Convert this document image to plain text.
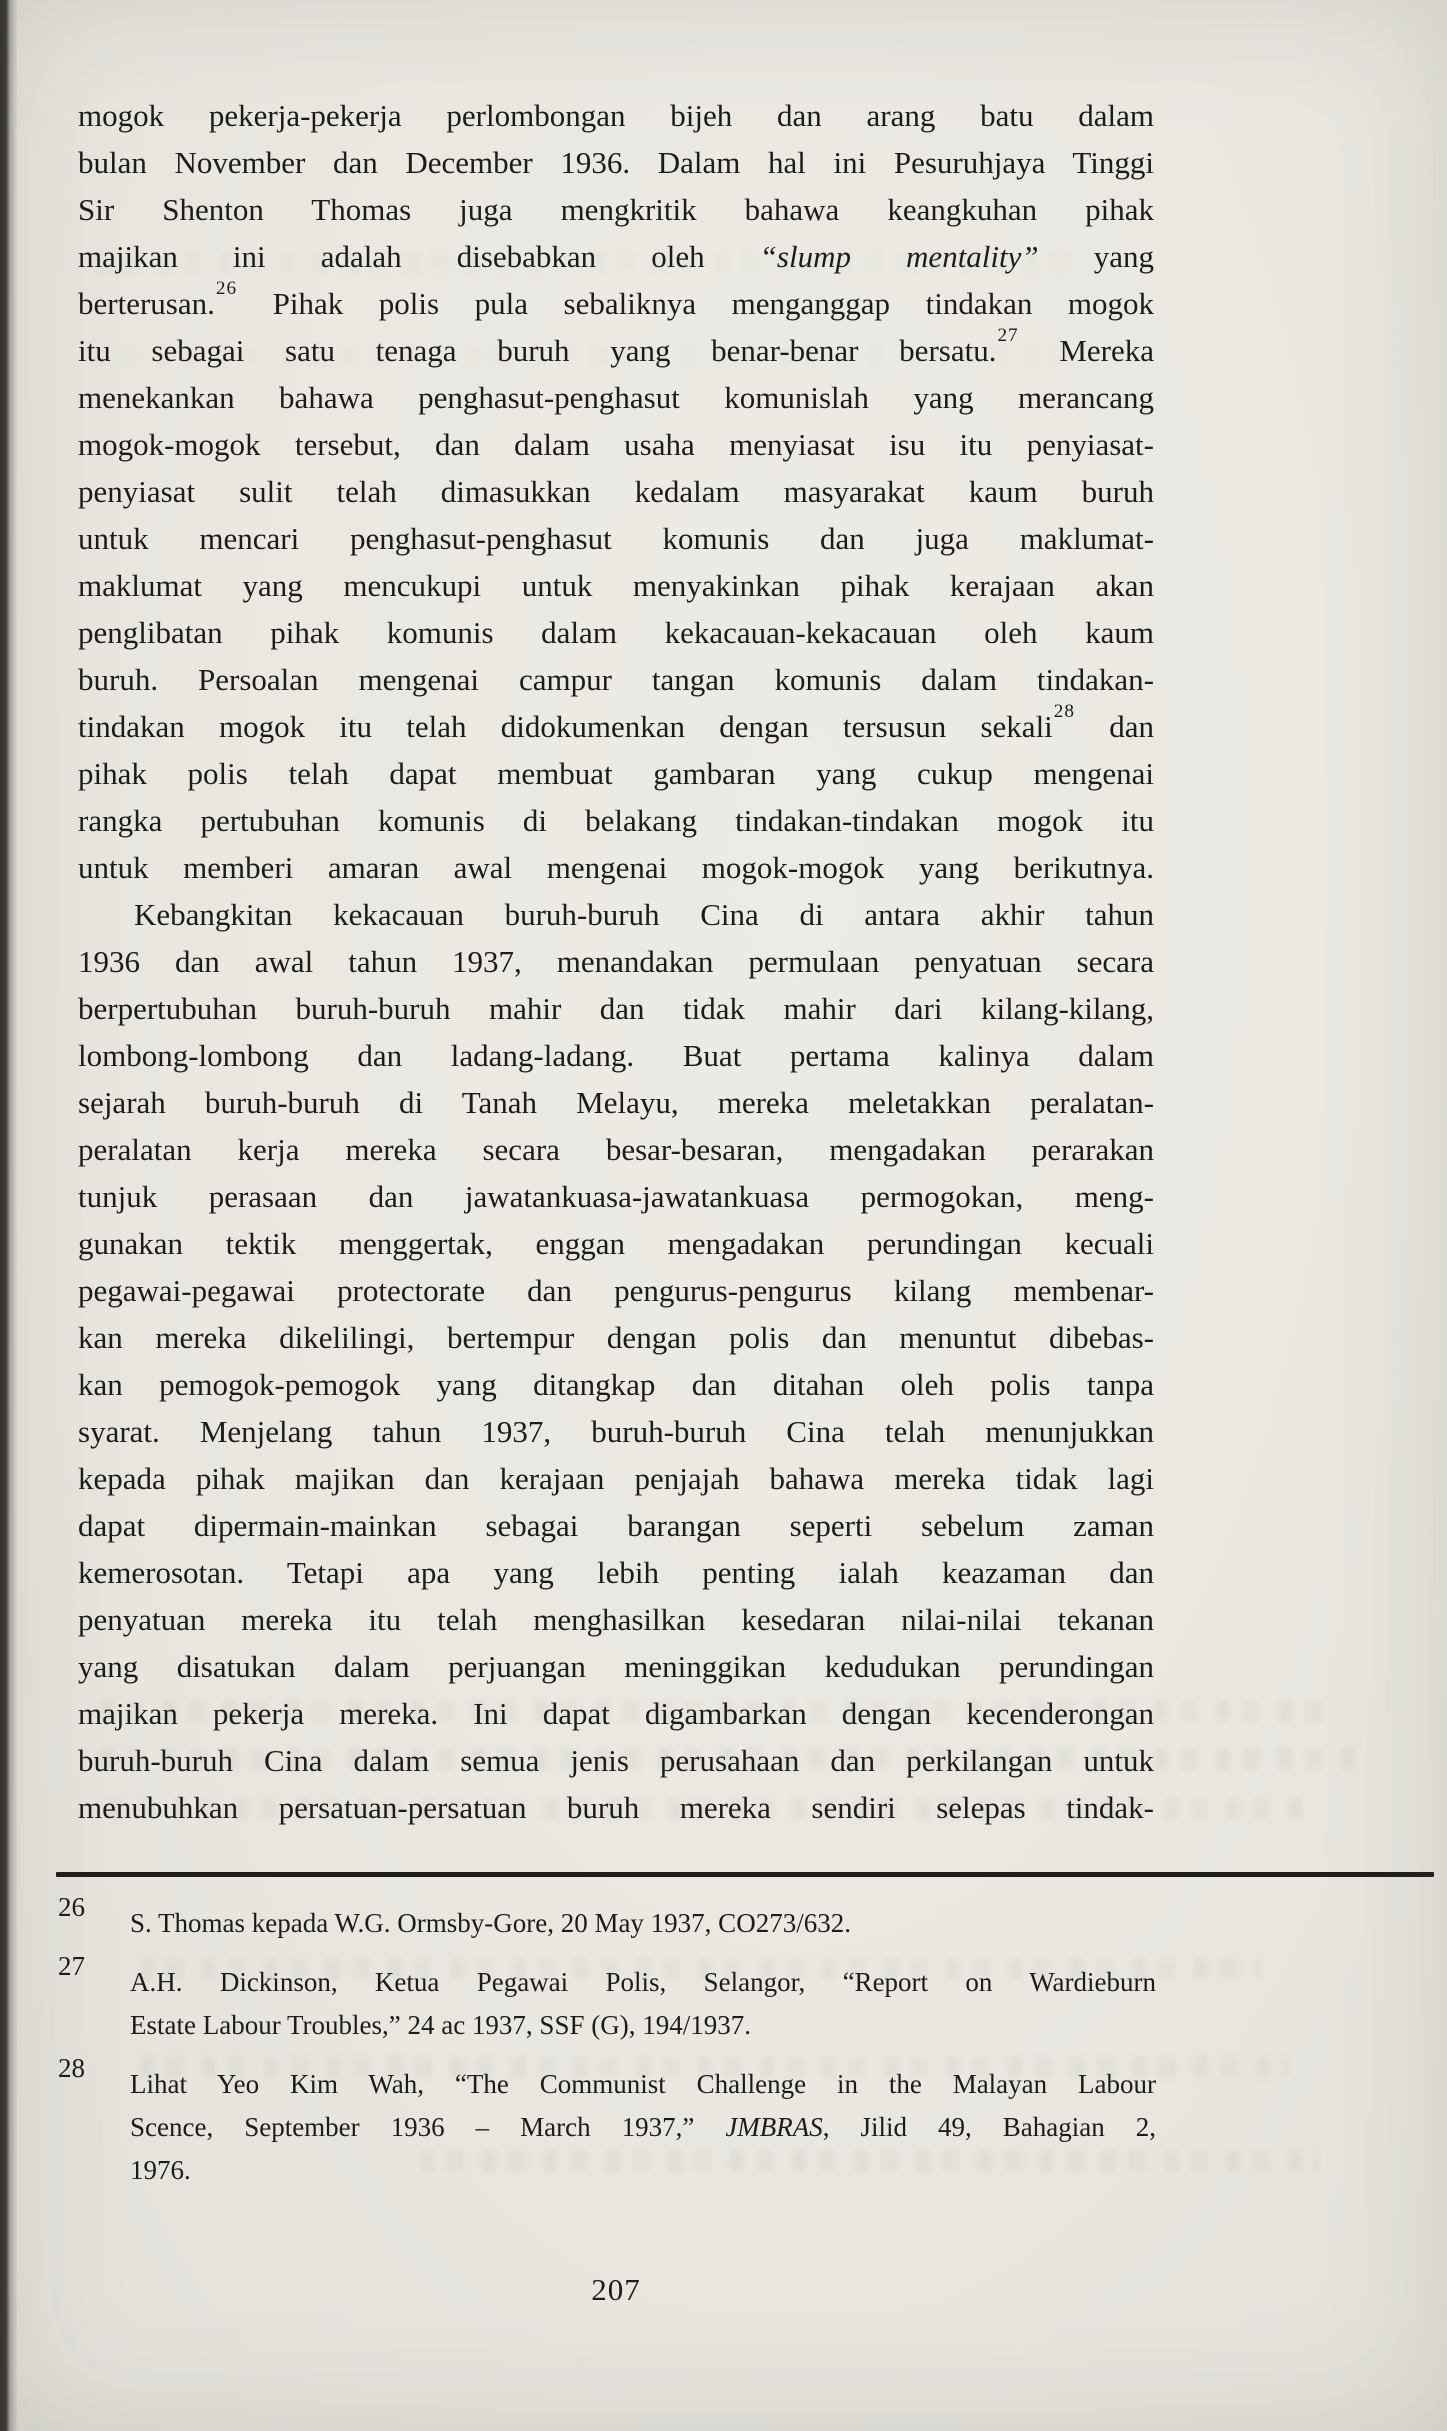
mogok pekerja-pekerja perlombongan bijeh dan arang batu dalam
bulan November dan December 1936. Dalam hal ini Pesuruhjaya Tinggi
Sir Shenton Thomas juga mengkritik bahawa keangkuhan pihak
majikan ini adalah disebabkan oleh “slump mentality” yang
berterusan.$^{26}$ Pihak polis pula sebaliknya menganggap tindakan mogok
itu sebagai satu tenaga buruh yang benar-benar bersatu.$^{27}$ Mereka
menekankan bahawa penghasut-penghasut komunislah yang merancang
mogok-mogok tersebut, dan dalam usaha menyiasat isu itu penyiasat-
penyiasat sulit telah dimasukkan kedalam masyarakat kaum buruh
untuk mencari penghasut-penghasut komunis dan juga maklumat-
maklumat yang mencukupi untuk menyakinkan pihak kerajaan akan
penglibatan pihak komunis dalam kekacauan-kekacauan oleh kaum
buruh. Persoalan mengenai campur tangan komunis dalam tindakan-
tindakan mogok itu telah didokumenkan dengan tersusun sekali$^{28}$ dan
pihak polis telah dapat membuat gambaran yang cukup mengenai
rangka pertubuhan komunis di belakang tindakan-tindakan mogok itu
untuk memberi amaran awal mengenai mogok-mogok yang berikutnya.
Kebangkitan kekacauan buruh-buruh Cina di antara akhir tahun
1936 dan awal tahun 1937, menandakan permulaan penyatuan secara
berpertubuhan buruh-buruh mahir dan tidak mahir dari kilang-kilang,
lombong-lombong dan ladang-ladang. Buat pertama kalinya dalam
sejarah buruh-buruh di Tanah Melayu, mereka meletakkan peralatan-
peralatan kerja mereka secara besar-besaran, mengadakan perarakan
tunjuk perasaan dan jawatankuasa-jawatankuasa permogokan, meng-
gunakan tektik menggertak, enggan mengadakan perundingan kecuali
pegawai-pegawai protectorate dan pengurus-pengurus kilang membenar-
kan mereka dikelilingi, bertempur dengan polis dan menuntut dibebas-
kan pemogok-pemogok yang ditangkap dan ditahan oleh polis tanpa
syarat. Menjelang tahun 1937, buruh-buruh Cina telah menunjukkan
kepada pihak majikan dan kerajaan penjajah bahawa mereka tidak lagi
dapat dipermain-mainkan sebagai barangan seperti sebelum zaman
kemerosotan. Tetapi apa yang lebih penting ialah keazaman dan
penyatuan mereka itu telah menghasilkan kesedaran nilai-nilai tekanan
yang disatukan dalam perjuangan meninggikan kedudukan perundingan
majikan pekerja mereka. Ini dapat digambarkan dengan kecenderongan
buruh-buruh Cina dalam semua jenis perusahaan dan perkilangan untuk
menubuhkan persatuan-persatuan buruh mereka sendiri selepas tindak-
26
S. Thomas kepada W.G. Ormsby-Gore, 20 May 1937, CO273/632.
27
A.H. Dickinson, Ketua Pegawai Polis, Selangor, “Report on Wardieburn
Estate Labour Troubles,” 24 ac 1937, SSF (G), 194/1937.
28
Lihat Yeo Kim Wah, “The Communist Challenge in the Malayan Labour
Scence, September 1936 – March 1937,” JMBRAS, Jilid 49, Bahagian 2,
1976.
207
